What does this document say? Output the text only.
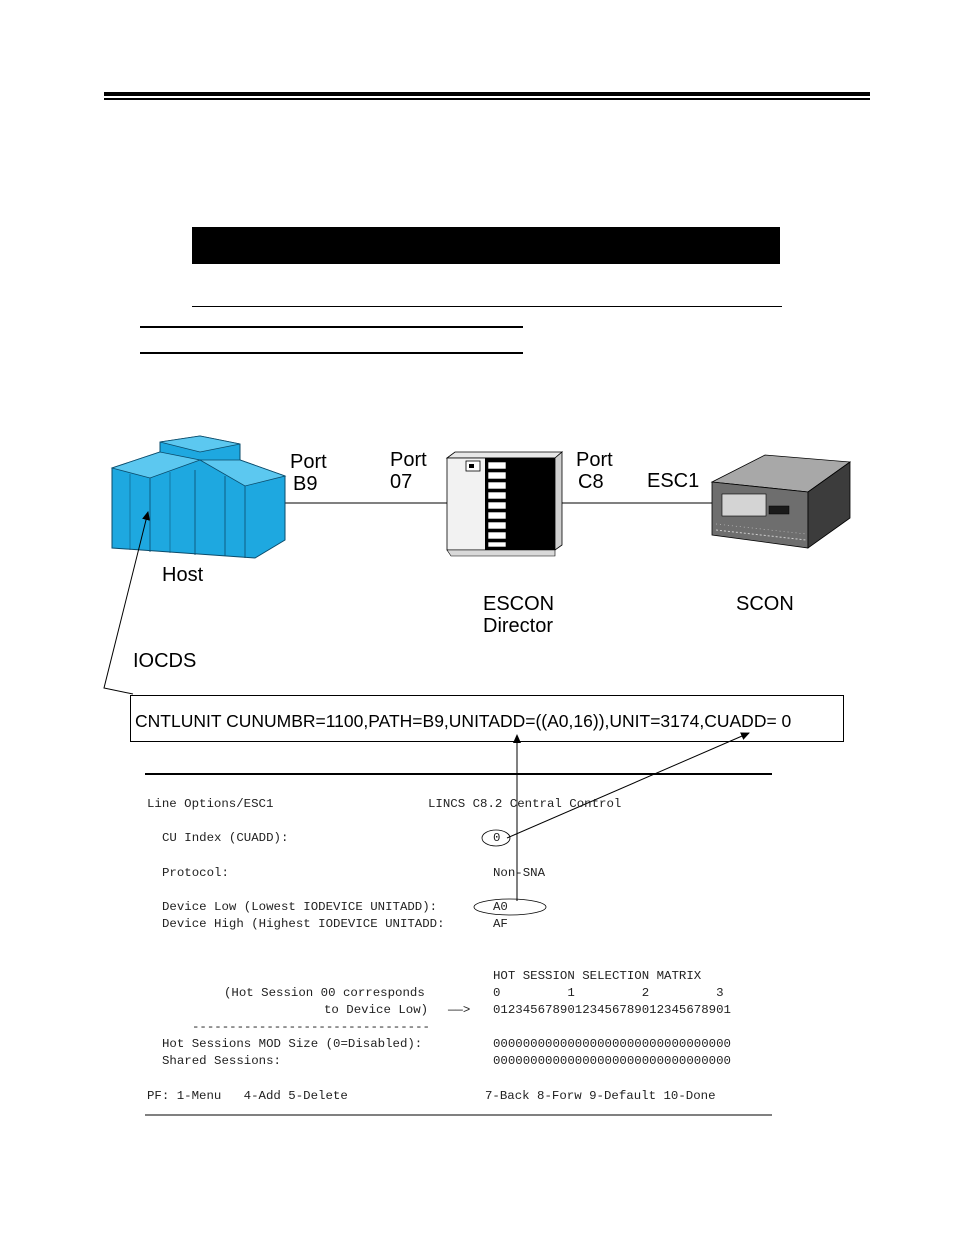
Port
B9
Port
07
Port
C8	ESC1
Host
ESCON
Director
SCON
IOCDS
CNTLUNIT CUNUMBR=1100,PATH=B9,UNITADD=((A0,16)),UNIT=3174,CUADD= 0
Line Options/ESC1	LINCS C8.2 Central Control
CU Index (CUADD):	0
Protocol:	Non-SNA
Device Low (Lowest IODEVICE UNITADD):	A0
Device High (Highest IODEVICE UNITADD:	AF
HOT SESSION SELECTION MATRIX
(Hot Session 00 corresponds	0         1         2         3
to Device Low) ——> 01234567890123456789012345678901
--------------------------------
Hot Sessions MOD Size (0=Disabled):	00000000000000000000000000000000
Shared Sessions:	00000000000000000000000000000000
PF: 1-Menu   4-Add 5-Delete	7-Back 8-Forw 9-Default 10-Done
